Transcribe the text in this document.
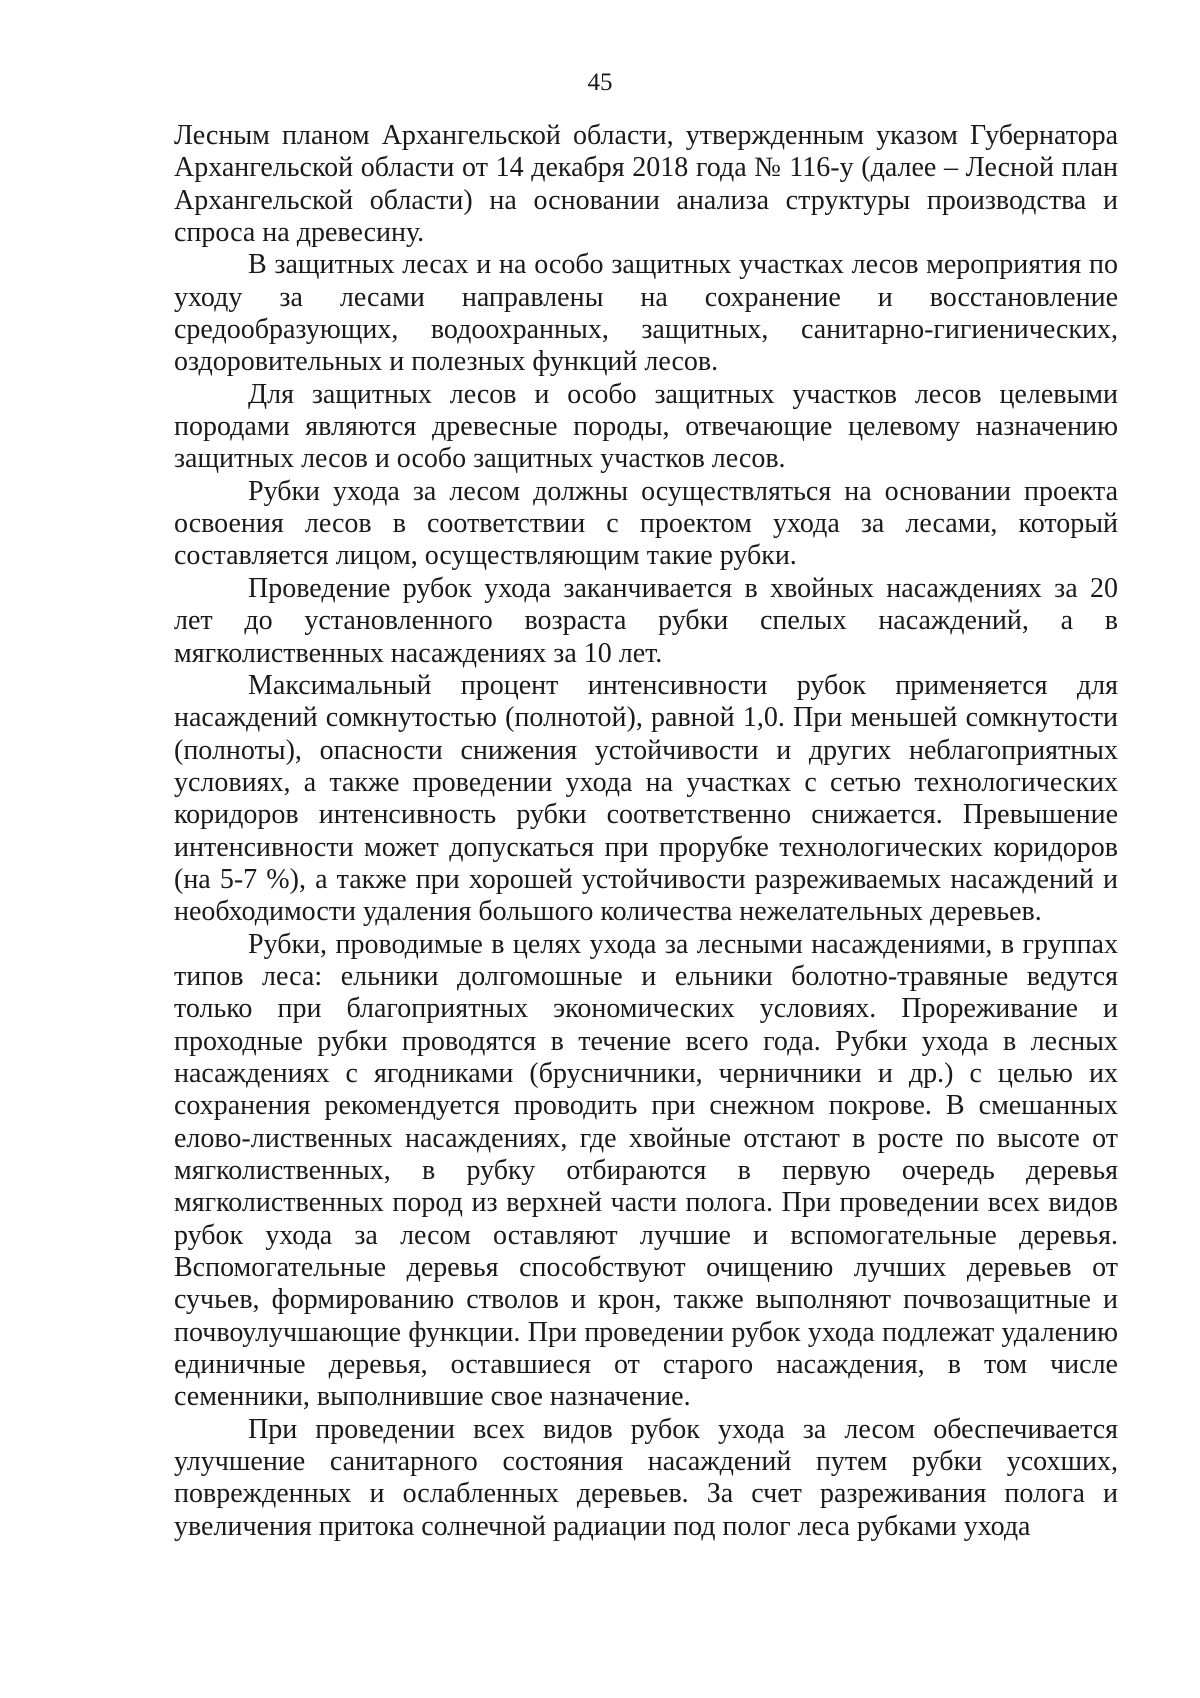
45

Лесным планом Архангельской области, утвержденным указом Губернатора Архангельской области от 14 декабря 2018 года № 116-у (далее – Лесной план Архангельской области) на основании анализа структуры производства и спроса на древесину.

В защитных лесах и на особо защитных участках лесов мероприятия по уходу за лесами направлены на сохранение и восстановление средообразующих, водоохранных, защитных, санитарно-гигиенических, оздоровительных и полезных функций лесов.

Для защитных лесов и особо защитных участков лесов целевыми породами являются древесные породы, отвечающие целевому назначению защитных лесов и особо защитных участков лесов.

Рубки ухода за лесом должны осуществляться на основании проекта освоения лесов в соответствии с проектом ухода за лесами, который составляется лицом, осуществляющим такие рубки.

Проведение рубок ухода заканчивается в хвойных насаждениях за 20 лет до установленного возраста рубки спелых насаждений, а в мягколиственных насаждениях за 10 лет.

Максимальный процент интенсивности рубок применяется для насаждений сомкнутостью (полнотой), равной 1,0. При меньшей сомкнутости (полноты), опасности снижения устойчивости и других неблагоприятных условиях, а также проведении ухода на участках с сетью технологических коридоров интенсивность рубки соответственно снижается. Превышение интенсивности может допускаться при прорубке технологических коридоров (на 5-7 %), а также при хорошей устойчивости разреживаемых насаждений и необходимости удаления большого количества нежелательных деревьев.

Рубки, проводимые в целях ухода за лесными насаждениями, в группах типов леса: ельники долгомошные и ельники болотно-травяные ведутся только при благоприятных экономических условиях. Прореживание и проходные рубки проводятся в течение всего года. Рубки ухода в лесных насаждениях с ягодниками (брусничники, черничники и др.) с целью их сохранения рекомендуется проводить при снежном покрове. В смешанных елово-лиственных насаждениях, где хвойные отстают в росте по высоте от мягколиственных, в рубку отбираются в первую очередь деревья мягколиственных пород из верхней части полога. При проведении всех видов рубок ухода за лесом оставляют лучшие и вспомогательные деревья. Вспомогательные деревья способствуют очищению лучших деревьев от сучьев, формированию стволов и крон, также выполняют почвозащитные и почвоулучшающие функции. При проведении рубок ухода подлежат удалению единичные деревья, оставшиеся от старого насаждения, в том числе семенники, выполнившие свое назначение.

При проведении всех видов рубок ухода за лесом обеспечивается улучшение санитарного состояния насаждений путем рубки усохших, поврежденных и ослабленных деревьев. За счет разреживания полога и увеличения притока солнечной радиации под полог леса рубками ухода
